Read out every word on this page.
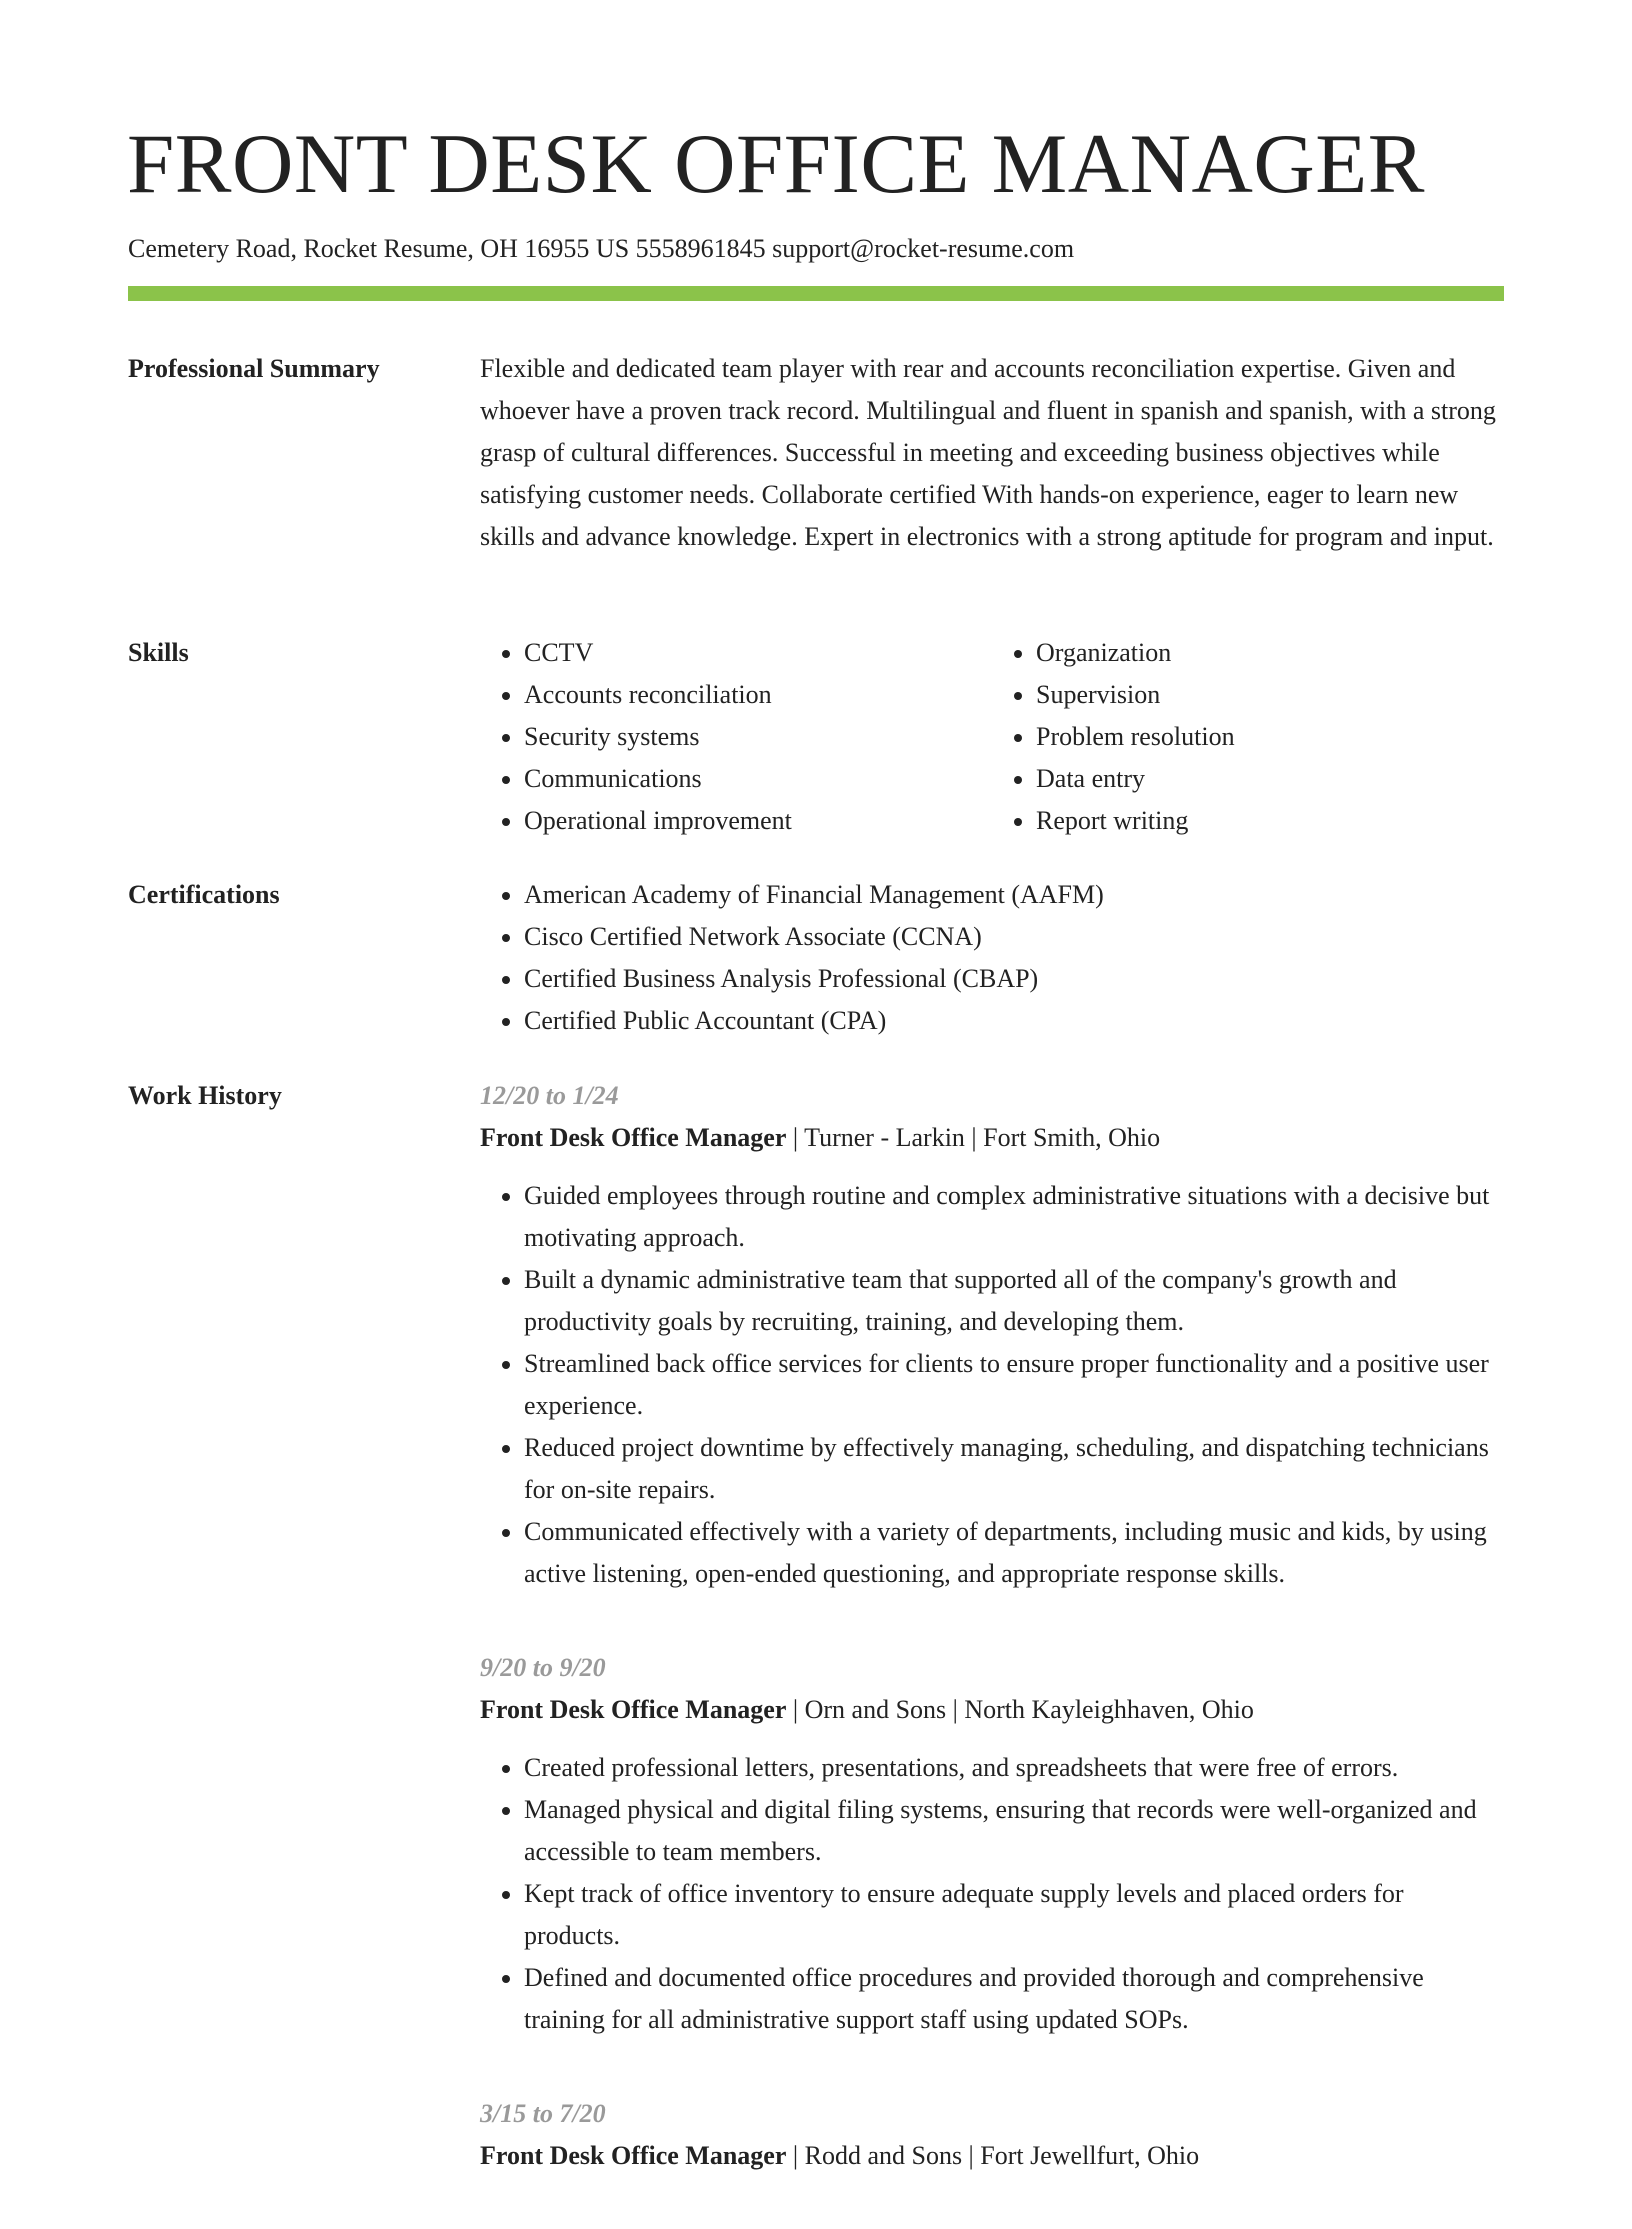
FRONT DESK OFFICE MANAGER
Cemetery Road, Rocket Resume, OH 16955 US 5558961845 support@rocket-resume.com
Professional Summary	Flexible and dedicated team player with rear and accounts reconciliation expertise. Given and whoever have a proven track record. Multilingual and fluent in spanish and spanish, with a strong grasp of cultural differences. Successful in meeting and exceeding business objectives while satisfying customer needs. Collaborate certified With hands-on experience, eager to learn new skills and advance knowledge. Expert in electronics with a strong aptitude for program and input.

Skills	• CCTV
• Accounts reconciliation
• Security systems
• Communications
• Operational improvement
• Organization
• Supervision
• Problem resolution
• Data entry
• Report writing
Certifications	• American Academy of Financial Management (AAFM)
• Cisco Certified Network Associate (CCNA)
• Certified Business Analysis Professional (CBAP)
• Certified Public Accountant (CPA)
Work History	12/20 to 1/24
Front Desk Office Manager | Turner - Larkin | Fort Smith, Ohio
• Guided employees through routine and complex administrative situations with a decisive but motivating approach.
• Built a dynamic administrative team that supported all of the company's growth and productivity goals by recruiting, training, and developing them.
• Streamlined back office services for clients to ensure proper functionality and a positive user experience.
• Reduced project downtime by effectively managing, scheduling, and dispatching technicians for on-site repairs.
• Communicated effectively with a variety of departments, including music and kids, by using active listening, open-ended questioning, and appropriate response skills.
9/20 to 9/20
Front Desk Office Manager | Orn and Sons | North Kayleighhaven, Ohio
• Created professional letters, presentations, and spreadsheets that were free of errors.
• Managed physical and digital filing systems, ensuring that records were well-organized and accessible to team members.
• Kept track of office inventory to ensure adequate supply levels and placed orders for products.
• Defined and documented office procedures and provided thorough and comprehensive training for all administrative support staff using updated SOPs.
3/15 to 7/20
Front Desk Office Manager | Rodd and Sons | Fort Jewellfurt, Ohio
